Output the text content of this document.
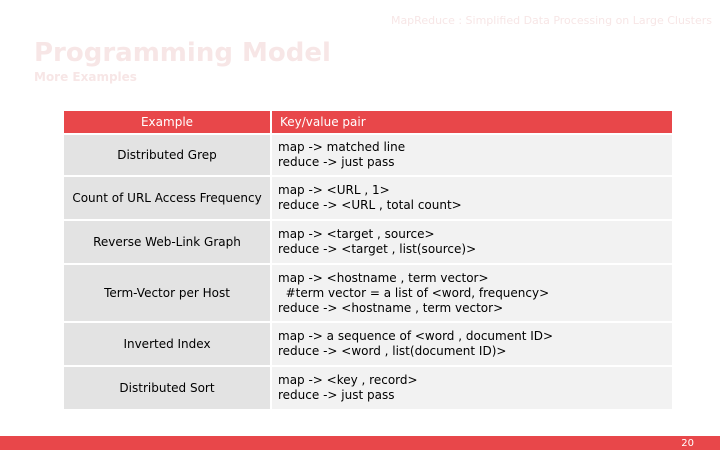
MapReduce : Simplified Data Processing on Large Clusters
Programming Model
More Examples
Example	Key/value pair
Distributed Grep
map -> matched line
reduce -> just pass
Count of URL Access Frequency
map -> <URL , 1>
reduce -> <URL , total count>
Reverse Web-Link Graph
map -> <target , source>
reduce -> <target , list(source)>
Term-Vector per Host
map -> <hostname , term vector>
#term vector = a list of <word, frequency>
reduce -> <hostname , term vector>
Inverted Index
map -> a sequence of <word , document ID>
reduce -> <word , list(document ID)>
Distributed Sort
map -> <key , record>
reduce -> just pass
20
